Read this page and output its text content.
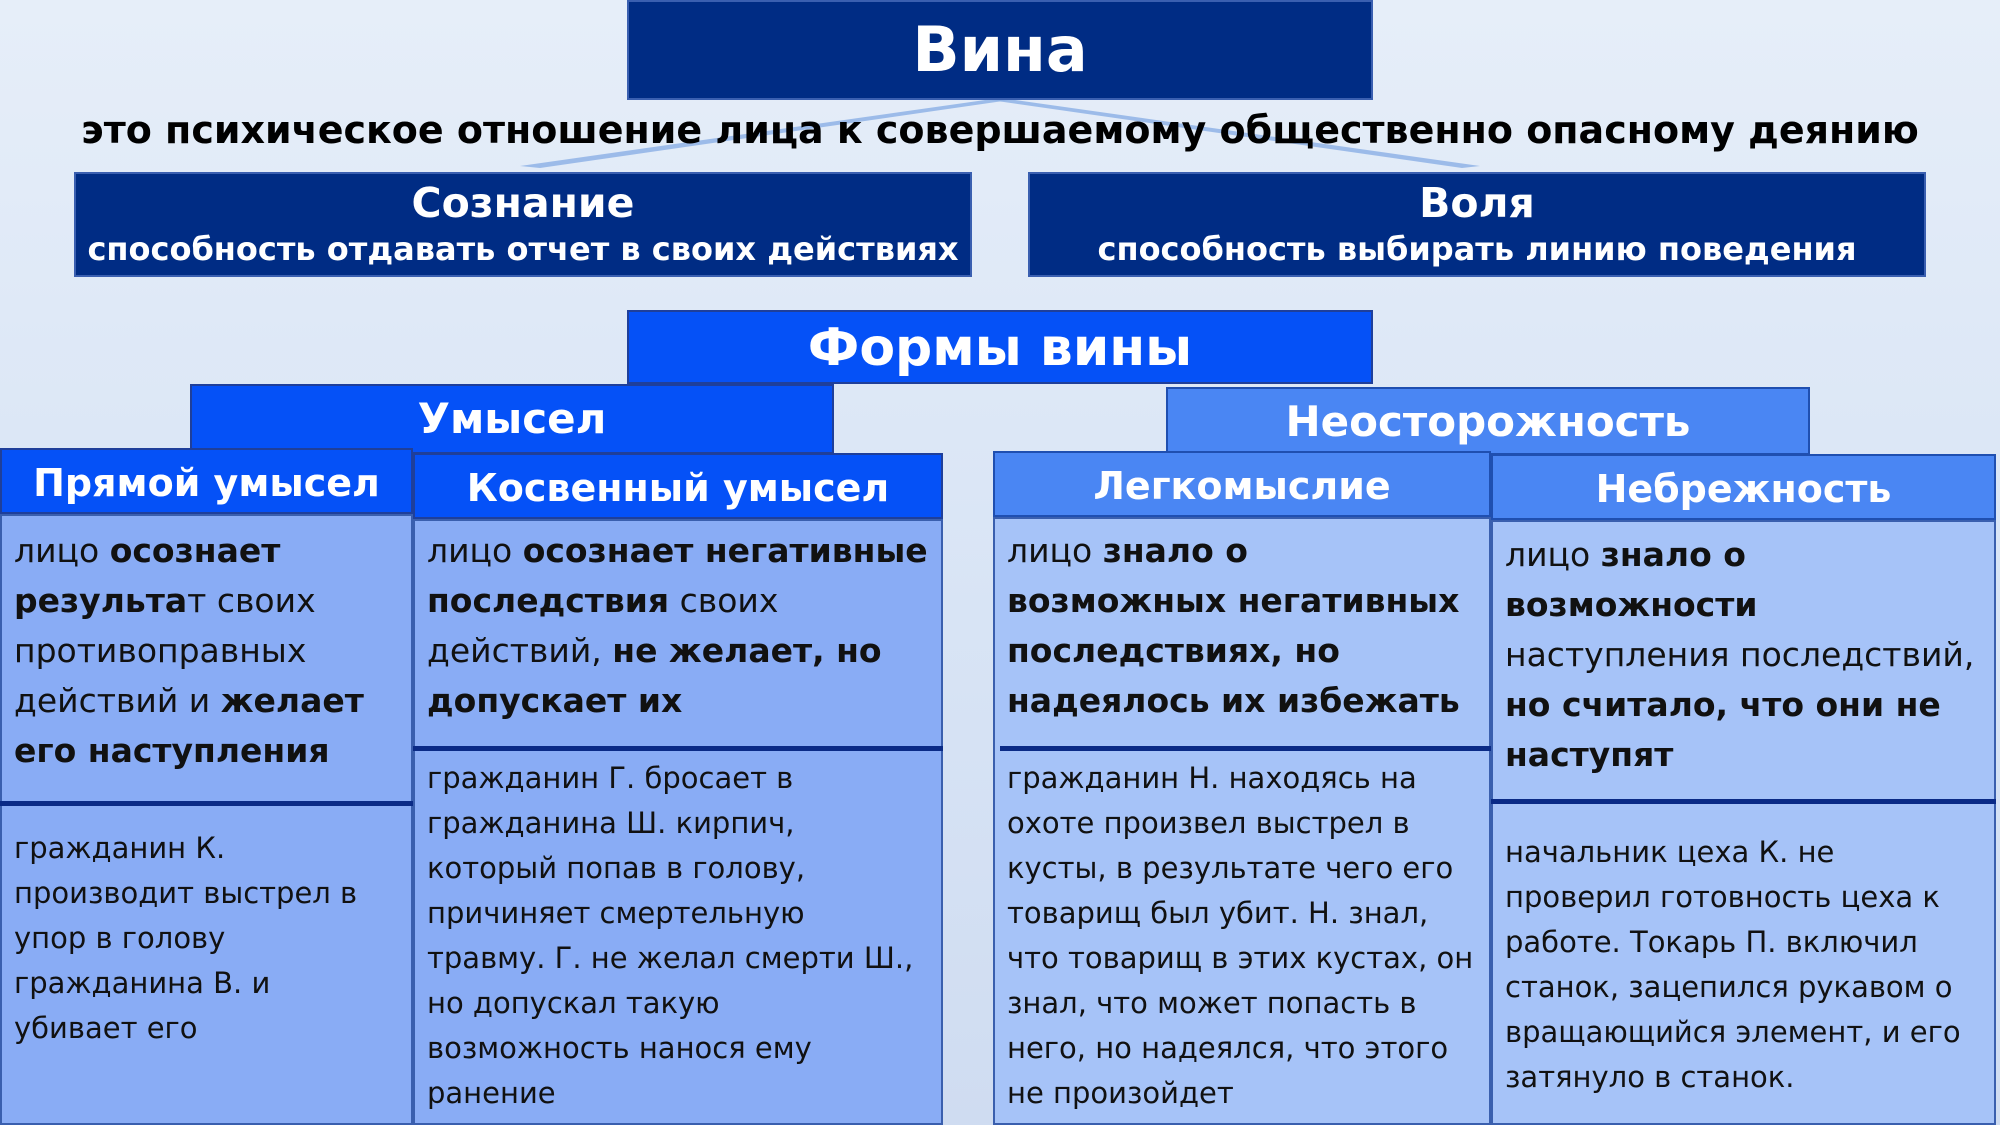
Вина
это психическое отношение лица к совершаемому общественно опасному деянию
Сознание
способность отдавать отчет в своих действиях
Воля
способность выбирать линию поведения
Формы вины
Умысел	Неосторожность
Прямой умысел
лицо осознает результат своих противоправных действий и желает его наступления
гражданин К. производит выстрел в упор в голову гражданина В. и убивает его
Косвенный умысел
лицо осознает негативные последствия своих действий, не желает, но допускает их
гражданин Г. бросает в гражданина Ш. кирпич, который попав в голову, причиняет смертельную травму. Г. не желал смерти Ш., но допускал такую возможность нанося ему ранение
Легкомыслие
лицо знало о возможных негативных последствиях, но надеялось их избежать
гражданин Н. находясь на охоте произвел выстрел в кусты, в результате чего его товарищ был убит. Н. знал, что товарищ в этих кустах, он знал, что может попасть в него, но надеялся, что этого не произойдет
Небрежность
лицо знало о возможности наступления последствий, но считало, что они не наступят
начальник цеха К. не проверил готовность цеха к работе. Токарь П. включил станок, зацепился рукавом о вращающийся элемент, и его затянуло в станок.
